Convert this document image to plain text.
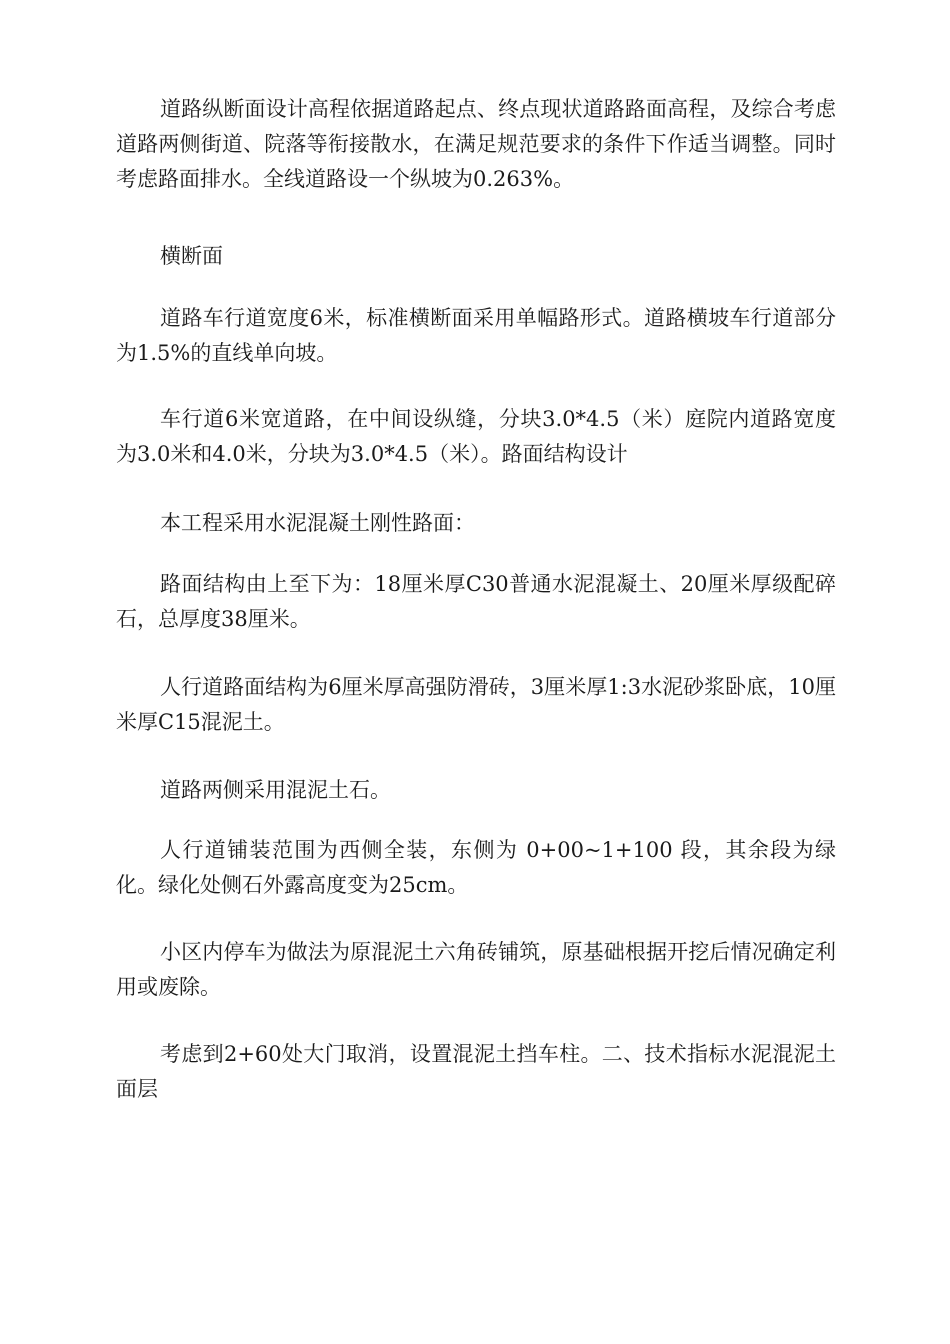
道路纵断面设计高程依据道路起点、终点现状道路路面高程，及综合考虑道路两侧街道、院落等衔接散水，在满足规范要求的条件下作适当调整。同时考虑路面排水。全线道路设一个纵坡为0.263%。

横断面

道路车行道宽度6米，标准横断面采用单幅路形式。道路横坡车行道部分为1.5%的直线单向坡。

车行道6米宽道路，在中间设纵缝，分块3.0*4.5（米）庭院内道路宽度为3.0米和4.0米，分块为3.0*4.5（米）。路面结构设计

本工程采用水泥混凝土刚性路面：

路面结构由上至下为：18厘米厚C30普通水泥混凝土、20厘米厚级配碎石，总厚度38厘米。

人行道路面结构为6厘米厚高强防滑砖，3厘米厚1:3水泥砂浆卧底，10厘米厚C15混泥土。

道路两侧采用混泥土石。

人行道铺装范围为西侧全装，东侧为 0+00~1+100 段，其余段为绿化。绿化处侧石外露高度变为25cm。

小区内停车为做法为原混泥土六角砖铺筑，原基础根据开挖后情况确定利用或废除。

考虑到2+60处大门取消，设置混泥土挡车柱。二、技术指标水泥混泥土面层
